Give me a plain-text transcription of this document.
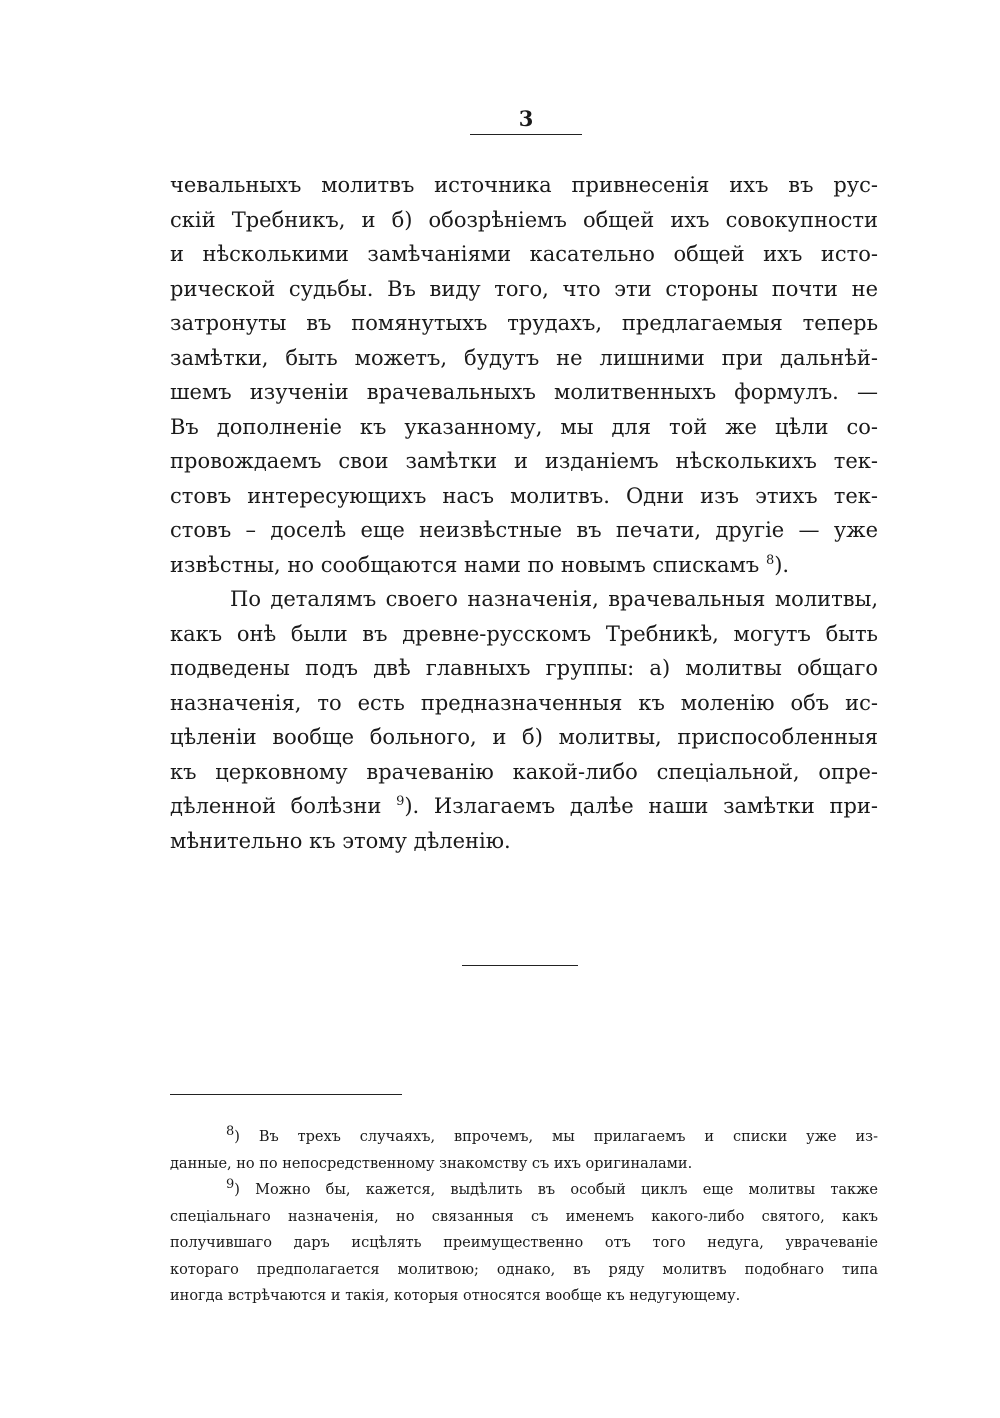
3
чевальныхъ молитвъ источника привнесенія ихъ въ рус-
скій Требникъ, и б) обозрѣніемъ общей ихъ совокупности
и нѣсколькими замѣчаніями касательно общей ихъ исто-
рической судьбы. Въ виду того, что эти стороны почти не
затронуты въ помянутыхъ трудахъ, предлагаемыя теперь
замѣтки, быть можетъ, будутъ не лишними при дальнѣй-
шемъ изученіи врачевальныхъ молитвенныхъ формулъ. —
Въ дополненіе къ указанному, мы для той же цѣли со-
провождаемъ свои замѣтки и изданіемъ нѣсколькихъ тек-
стовъ интересующихъ насъ молитвъ. Одни изъ этихъ тек-
стовъ – доселѣ еще неизвѣстные въ печати, другіе — уже
извѣстны, но сообщаются нами по новымъ спискамъ $^8$).
По деталямъ своего назначенія, врачевальныя молитвы,
какъ онѣ были въ древне-русскомъ Требникѣ, могутъ быть
подведены подъ двѣ главныхъ группы: а) молитвы общаго
назначенія, то есть предназначенныя къ моленію объ ис-
цѣленіи вообще больного, и б) молитвы, приспособленныя
къ церковному врачеванію какой-либо спеціальной, опре-
дѣленной болѣзни $^9$). Излагаемъ далѣе наши замѣтки при-
мѣнительно къ этому дѣленію.
$^8$) Въ трехъ случаяхъ, впрочемъ, мы прилагаемъ и списки уже из-
данные, но по непосредственному знакомству съ ихъ оригиналами.
$^9$) Можно бы, кажется, выдѣлить въ особый циклъ еще молитвы также
спеціальнаго назначенія, но связанныя съ именемъ какого-либо святого, какъ
получившаго даръ исцѣлять преимущественно отъ того недуга, уврачеваніе
котораго предполагается молитвою; однако, въ ряду молитвъ подобнаго типа
иногда встрѣчаются и такія, которыя относятся вообще къ недугующему.
